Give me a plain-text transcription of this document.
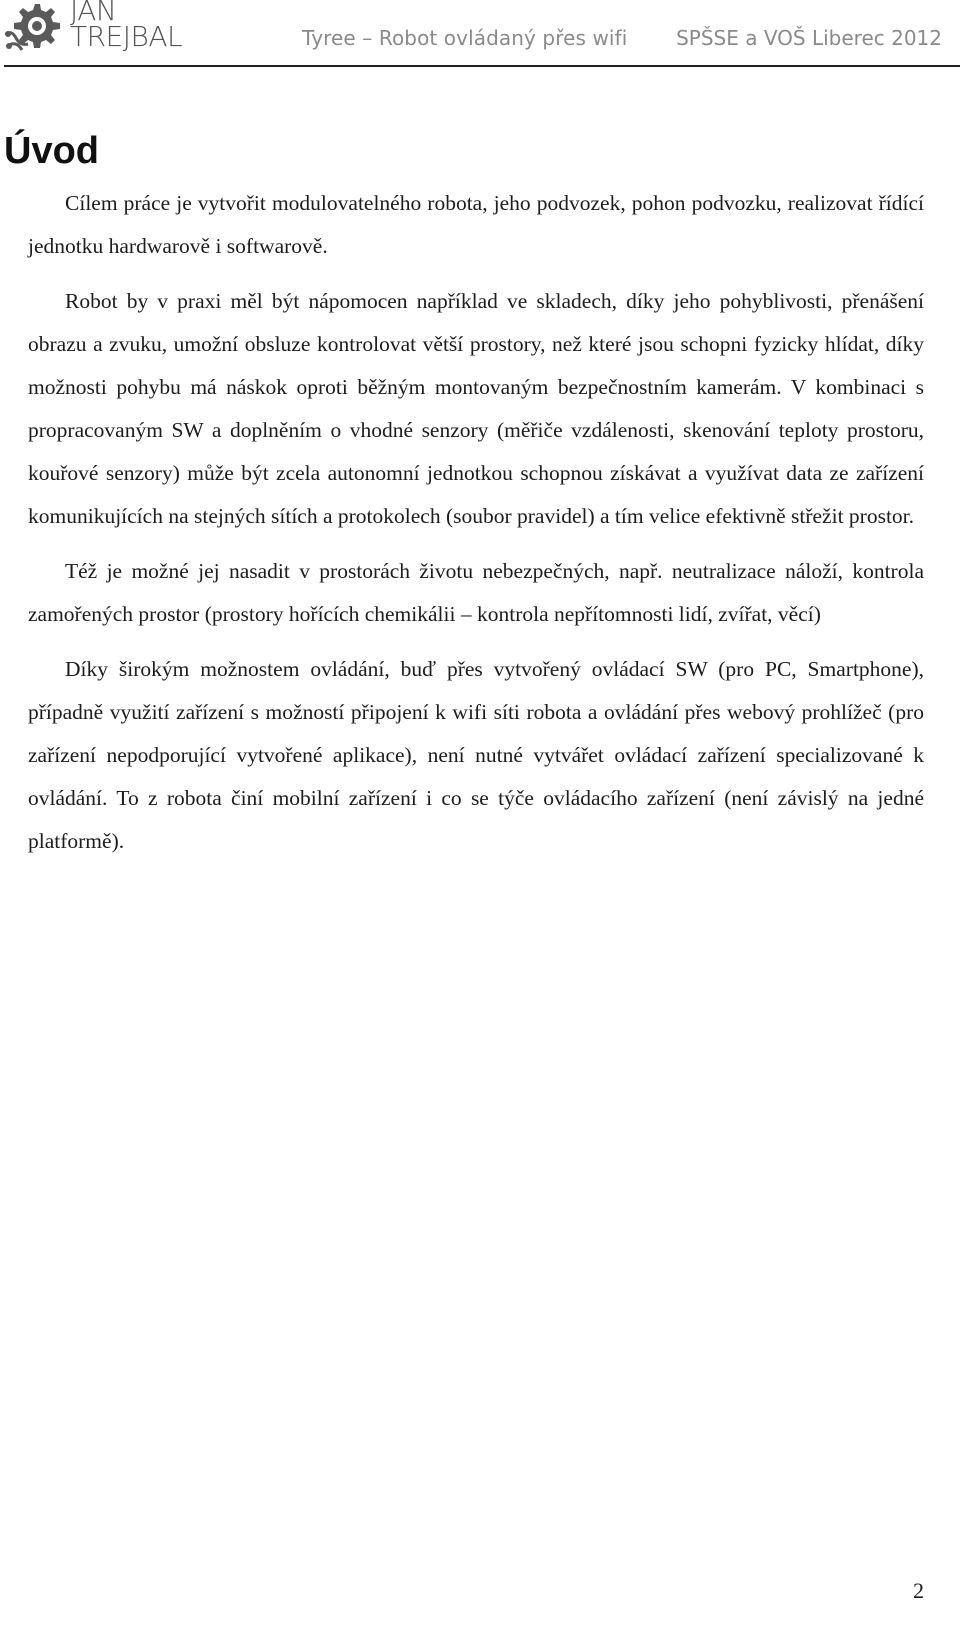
JAN
TREJBAL	Tyree – Robot ovládaný přes wifi SPŠSE a VOŠ Liberec 2012
Úvod

Cílem práce je vytvořit modulovatelného robota, jeho podvozek, pohon podvozku, realizovat řídící jednotku hardwarově i softwarově.

Robot by v praxi měl být nápomocen například ve skladech, díky jeho pohyblivosti, přenášení obrazu a zvuku, umožní obsluze kontrolovat větší prostory, než které jsou schopni fyzicky hlídat, díky možnosti pohybu má náskok oproti běžným montovaným bezpečnostním kamerám. V kombinaci s propracovaným SW a doplněním o vhodné senzory (měřiče vzdálenosti, skenování teploty prostoru, kouřové senzory) může být zcela autonomní jednotkou schopnou získávat a využívat data ze zařízení komunikujících na stejných sítích a protokolech (soubor pravidel) a tím velice efektivně střežit prostor.

Též je možné jej nasadit v prostorách životu nebezpečných, např. neutralizace náloží, kontrola zamořených prostor (prostory hořících chemikálii – kontrola nepřítomnosti lidí, zvířat, věcí)

Díky širokým možnostem ovládání, buď přes vytvořený ovládací SW (pro PC, Smartphone), případně využití zařízení s možností připojení k wifi síti robota a ovládání přes webový prohlížeč (pro zařízení nepodporující vytvořené aplikace), není nutné vytvářet ovládací zařízení specializované k ovládání. To z robota činí mobilní zařízení i co se týče ovládacího zařízení (není závislý na jedné platformě).

2
